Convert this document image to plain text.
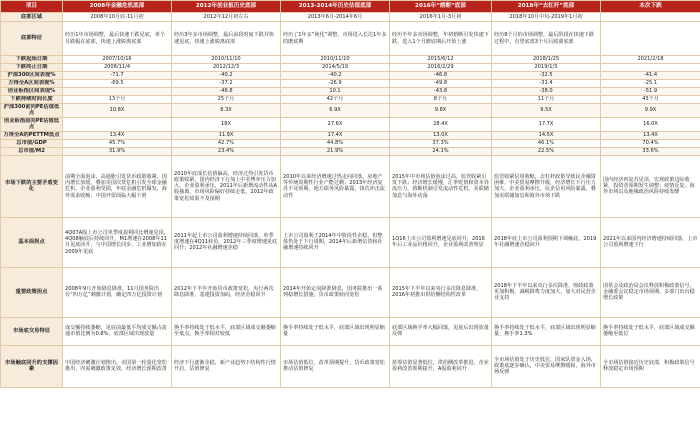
项目	2008年金融危机底部	2012年创业板历史底部	2013-2014年历史估值底部	2016年“熔断”底部	2018年“去杠杆”底部	本次下跌
底部区域	2008年10月底-11月初	2012年12月初左右	2013年6月-2014年6月	2016年1月-3月初	2018年10月中旬-2019年1月初	
底部特征	经历1年市场调整，最后快速下跌见底，单个月跌幅在底部，快速上涨脱离底部	经历3年多市场调整，最后前段时间下跌并快速见底，快速上涨脱离底部	经历了1年多“钝化”调整，市场进入长达1年多的磨底期	经历半年多市场调整，年初熔断引发快速下跌，进入1个月磨底期后开始上涨	经历8个月的市场调整，最后阶段在快速下跌过程中，有望底部3个月后脱离底部	
下跌起始日期	2007/10/16	2010/11/10	2010/11/10	2015/6/12	2018/1/25	2021/2/18
下跌终止日期	2008/11/4	2012/12/3	2014/5/19	2016/2/29	2019/1/3	
沪深300区间表现%	-71.7	-40.2	-40.2	-46.8	-32.5	-41.4
万得全A区间表现%	-69.5	-37.2	-26.9	-49.8	-31.4	-25.1
创业板指区间表现%		-46.8	10.1	-43.8	-38.0	-51.9
下跌持续时间长度	13个月	25个月	42个月	8个月	11个月	43个月
沪深300前向PE估值低点	10.8X	8.3X	6.9X	9.8X	9.5X	9.9X
创业板指前向PE估值低点		18X	27.6X	28.4X	17.7X	16.0X
万得全A的PETTM低点	13.4X	11.9X	17.4X	13.0X	14.5X	13.4X
总市值/GDP	45.7%	42.7%	44.8%	37.3%	46.1%	70.4%
总市值/M2	31.9%	23.4%	21.9%	24.1%	22.5%	33.6%
市场下跌的主要矛盾变化	前期全面泡沫，高通胀引发货币政策收紧，国内增长放缓，叠加美国次贷危机引发全球金融危机，企业盈利受损，年底金融危机爆发，海外需求收缩，中国外贸面临大幅下滑	2010年底成长估值偏高，经济过热引发货币政策收紧，国内经济下行加上中美博弈压力加大，企业盈利承压，2011年后新增流动性从A股抽离，市场风险偏好持续走低，2012年政策宽松效果不及预期	2010年以来经济增速过热走向回落，房地产等传统周期性行业产能过剩；2013年经济复苏不及预期，地方债务风险暴露，钱荒冲击流动性	2015年中市场估值泡沫过高，监管收紧引发下跌；经济增长缓慢，汇率贬值和资本外流压力，熔断机制引发流动性危机，美联储加息与海外动荡	监管收紧信用收缩，去杠杆政策导致民企融资困难，中美贸易摩擦升级，经济增长下行压力加大，企业盈利承压，民企信用风险暴露，叠加美联储加息和海外市场下跌	国内经济再复苏见顶，宏观政策边际收紧，投资者预期发生调整；疫情反复、海外市场以及地缘政治风险持续发酵
基本面拐点	4Q07A股上市公司单季度盈利同比增速见顶，4Q08触底后持续回升，M1增速在2008年11月见底回升，与中国增长同步，工业增加值在2009年见底	2011年起上市公司盈利增速持续回落，单季度增速在4Q11转负，2012年三季度增速见底回升；2012年社融增速企稳	上市公司盈利于2014年中阶段性企稳，但整体仍处于下行周期，2014年后新增信贷和社融增速持续回升	1Q16上市公司盈利增速见底回升，2016年后工业品价格回升，企业盈利改善明显	2018年底上市公司盈利预期下调触底，2019年社融增速企稳回升	2021年以来国内经济增速持续回落，上市公司盈利增速下行
重要政策拐点	2008年9月开始降息降准，11月国务院出台“四万亿”刺激计划，确定四万亿投资计划	2012年下半年开始货币政策宽松，央行两次降息降准，基建投资加码，经济企稳回升	2014年开始定向降准降息，国务院推出一系列稳增长措施，货币政策转向宽松	2015年下半年以来央行多次降息降准，2016年初推出供给侧结构性改革	2018年下半年以来央行多次降准，财政政策更加积极，减税降费力度加大，加大对民营企业支持	国常会及政治局会议释放积极政策信号，金融委会议稳定市场预期，多部门出台稳增长政策
市场底交易特征	成交额持续萎缩，见底前最低平均成交额占流通市值比例为0.8%，底部区域出现放量	换手率持续处于低水平，底部区域成交额萎缩至低点，换手率相对较低	换手率持续处于低水平，底部区域出现明显缩量	底部区域换手率大幅回落，见底后出现放量反弹	换手率持续处于低水平，底部区域出现明显缩量，换手率1.3%	换手率持续处于低水平，底部区域成交额萎缩至低位
市场触底回升的支撑因素	中国经济刺激计划推出，美国第一轮量化宽松推出，内需刺激政策见效，经济增长预期改善	经济下行逐渐企稳，新产业趋势下结构性行情开启，估值修复	市场估值低位，改革预期提升，货币政策宽松推动估值修复	蓝筹估值显著低位，供给侧改革推进，企业盈利改善预期提升，A股盈利回升	全市场估值处于历史低位，国家队资金入场，政策底逐步确认，中美贸易摩擦缓和，海外市场反弹	全市场估值接近历史底部，积极政策信号释放稳定市场预期
